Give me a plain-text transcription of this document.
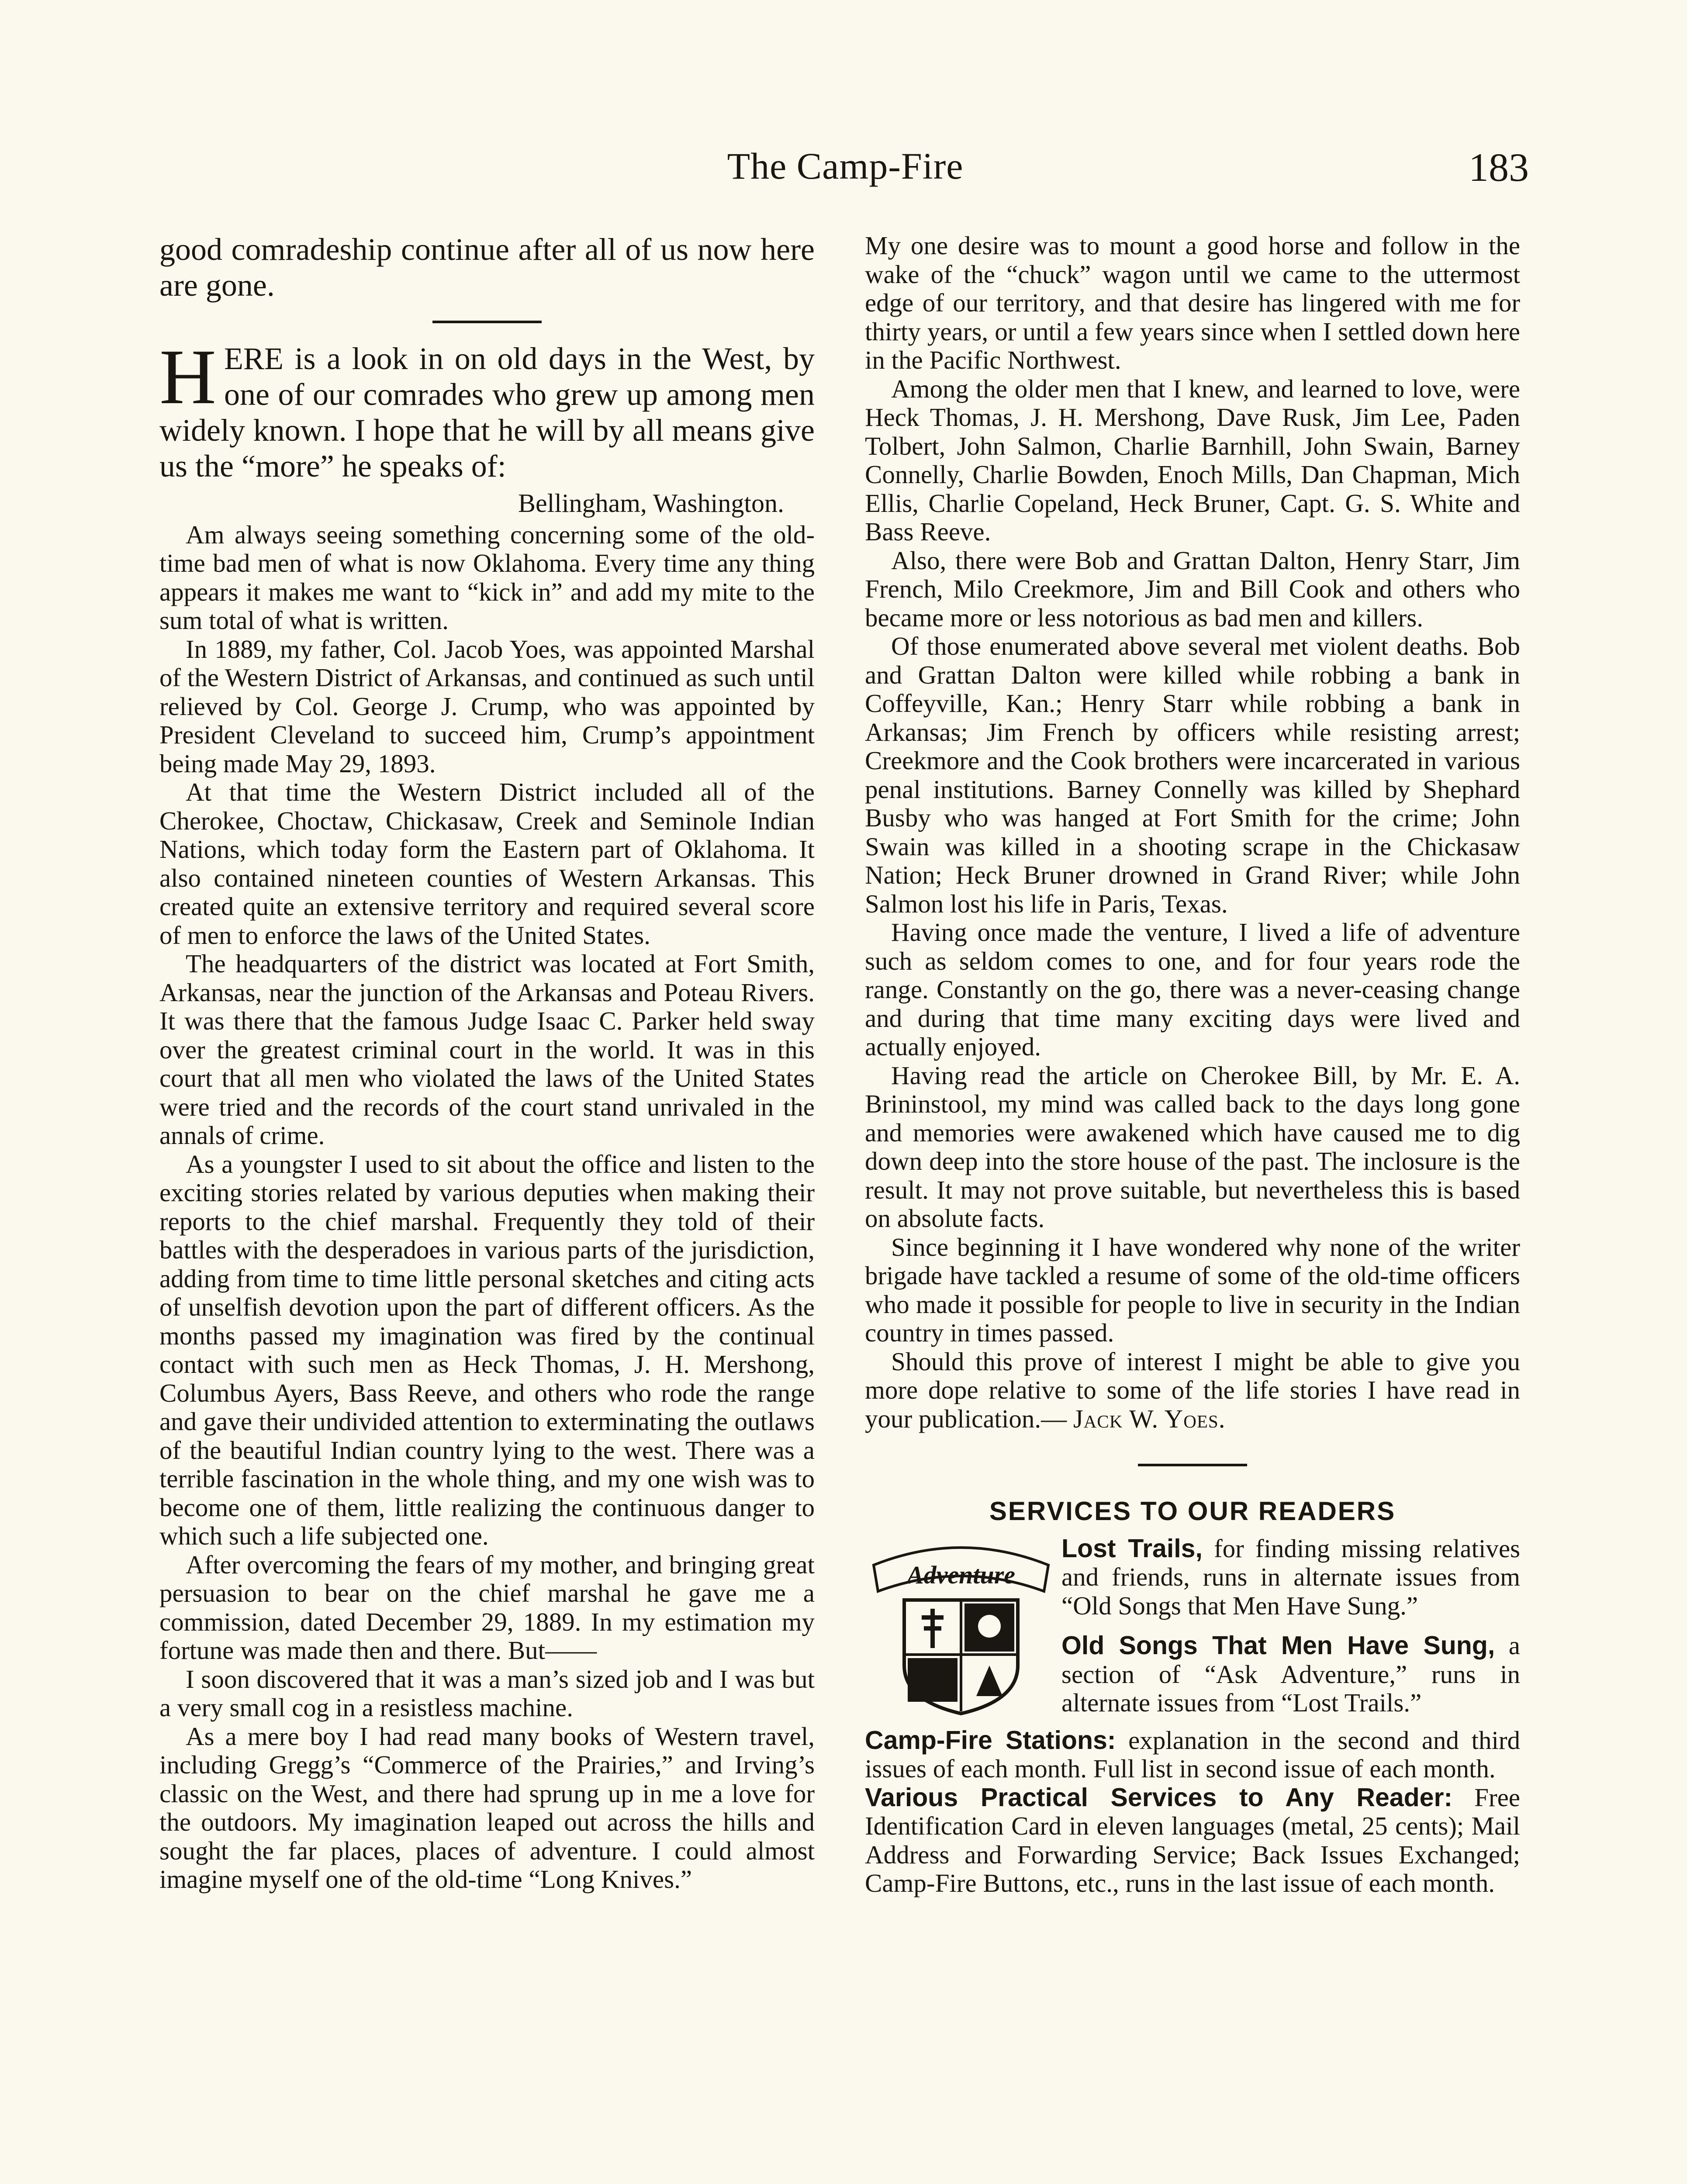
The Camp-Fire	183

good comradeship continue after all of us now here are gone.

HERE is a look in on old days in the West, by one of our comrades who grew up among men widely known. I hope that he will by all means give us the “more” he speaks of:

Bellingham, Washington.

Am always seeing something concerning some of the old-time bad men of what is now Oklahoma. Every time any thing appears it makes me want to “kick in” and add my mite to the sum total of what is written.

In 1889, my father, Col. Jacob Yoes, was appointed Marshal of the Western District of Arkansas, and continued as such until relieved by Col. George J. Crump, who was appointed by President Cleveland to succeed him, Crump’s appointment being made May 29, 1893.

At that time the Western District included all of the Cherokee, Choctaw, Chickasaw, Creek and Seminole Indian Nations, which today form the Eastern part of Oklahoma. It also contained nineteen counties of Western Arkansas. This created quite an extensive territory and required several score of men to enforce the laws of the United States.

The headquarters of the district was located at Fort Smith, Arkansas, near the junction of the Arkansas and Poteau Rivers. It was there that the famous Judge Isaac C. Parker held sway over the greatest criminal court in the world. It was in this court that all men who violated the laws of the United States were tried and the records of the court stand unrivaled in the annals of crime.

As a youngster I used to sit about the office and listen to the exciting stories related by various deputies when making their reports to the chief marshal. Frequently they told of their battles with the desperadoes in various parts of the jurisdiction, adding from time to time little personal sketches and citing acts of unselfish devotion upon the part of different officers. As the months passed my imagination was fired by the continual contact with such men as Heck Thomas, J. H. Mershong, Columbus Ayers, Bass Reeve, and others who rode the range and gave their undivided attention to exterminating the outlaws of the beautiful Indian country lying to the west. There was a terrible fascination in the whole thing, and my one wish was to become one of them, little realizing the continuous danger to which such a life subjected one.

After overcoming the fears of my mother, and bringing great persuasion to bear on the chief marshal he gave me a commission, dated December 29, 1889. In my estimation my fortune was made then and there. But——

I soon discovered that it was a man’s sized job and I was but a very small cog in a resistless machine.

As a mere boy I had read many books of Western travel, including Gregg’s “Commerce of the Prairies,” and Irving’s classic on the West, and there had sprung up in me a love for the outdoors. My imagination leaped out across the hills and sought the far places, places of adventure. I could almost imagine myself one of the old-time “Long Knives.”

My one desire was to mount a good horse and follow in the wake of the “chuck” wagon until we came to the uttermost edge of our territory, and that desire has lingered with me for thirty years, or until a few years since when I settled down here in the Pacific Northwest.

Among the older men that I knew, and learned to love, were Heck Thomas, J. H. Mershong, Dave Rusk, Jim Lee, Paden Tolbert, John Salmon, Charlie Barnhill, John Swain, Barney Connelly, Charlie Bowden, Enoch Mills, Dan Chapman, Mich Ellis, Charlie Copeland, Heck Bruner, Capt. G. S. White and Bass Reeve.

Also, there were Bob and Grattan Dalton, Henry Starr, Jim French, Milo Creekmore, Jim and Bill Cook and others who became more or less notorious as bad men and killers.

Of those enumerated above several met violent deaths. Bob and Grattan Dalton were killed while robbing a bank in Coffeyville, Kan.; Henry Starr while robbing a bank in Arkansas; Jim French by officers while resisting arrest; Creekmore and the Cook brothers were incarcerated in various penal institutions. Barney Connelly was killed by Shephard Busby who was hanged at Fort Smith for the crime; John Swain was killed in a shooting scrape in the Chickasaw Nation; Heck Bruner drowned in Grand River; while John Salmon lost his life in Paris, Texas.

Having once made the venture, I lived a life of adventure such as seldom comes to one, and for four years rode the range. Constantly on the go, there was a never-ceasing change and during that time many exciting days were lived and actually enjoyed.

Having read the article on Cherokee Bill, by Mr. E. A. Brininstool, my mind was called back to the days long gone and memories were awakened which have caused me to dig down deep into the store house of the past. The inclosure is the result. It may not prove suitable, but nevertheless this is based on absolute facts.

Since beginning it I have wondered why none of the writer brigade have tackled a resume of some of the old-time officers who made it possible for people to live in security in the Indian country in times passed.

Should this prove of interest I might be able to give you more dope relative to some of the life stories I have read in your publication.— Jack W. Yoes.

SERVICES TO OUR READERS
Adventure

Lost Trails, for finding missing relatives and friends, runs in alternate issues from “Old Songs that Men Have Sung.”

Old Songs That Men Have Sung, a section of “Ask Adventure,” runs in alternate issues from “Lost Trails.”

Camp-Fire Stations: explanation in the second and third issues of each month. Full list in second issue of each month.

Various Practical Services to Any Reader: Free Identification Card in eleven languages (metal, 25 cents); Mail Address and Forwarding Service; Back Issues Exchanged; Camp-Fire Buttons, etc., runs in the last issue of each month.
